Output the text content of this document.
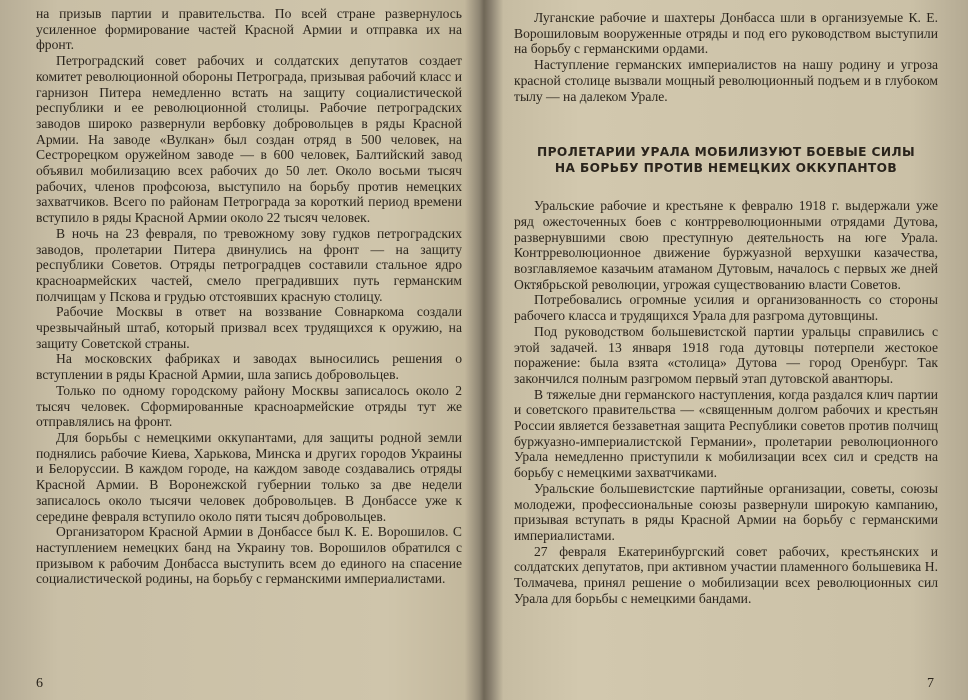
на призыв партии и правительства. По всей стране развернулось усиленное формирование частей Красной Армии и отправка их на фронт.

Петроградский совет рабочих и солдатских депутатов создает комитет революционной обороны Петрограда, призывая рабочий класс и гарнизон Питера немедленно встать на защиту социалистической республики и ее революционной столицы. Рабочие петроградских заводов широко развернули вербовку добровольцев в ряды Красной Армии. На заводе «Вулкан» был создан отряд в 500 человек, на Сестрорецком оружейном заводе — в 600 человек, Балтийский завод объявил мобилизацию всех рабочих до 50 лет. Около восьми тысяч рабочих, членов профсоюза, выступило на борьбу против немецких захватчиков. Всего по районам Петрограда за короткий период времени вступило в ряды Красной Армии около 22 тысяч человек.

В ночь на 23 февраля, по тревожному зову гудков петроградских заводов, пролетарии Питера двинулись на фронт — на защиту республики Советов. Отряды петроградцев составили стальное ядро красноармейских частей, смело преградивших путь германским полчищам у Пскова и грудью отстоявших красную столицу.

Рабочие Москвы в ответ на воззвание Совнаркома создали чрезвычайный штаб, который призвал всех трудящихся к оружию, на защиту Советской страны.

На московских фабриках и заводах выносились решения о вступлении в ряды Красной Армии, шла запись добровольцев.

Только по одному городскому району Москвы записалось около 2 тысяч человек. Сформированные красноармейские отряды тут же отправлялись на фронт.

Для борьбы с немецкими оккупантами, для защиты родной земли поднялись рабочие Киева, Харькова, Минска и других городов Украины и Белоруссии. В каждом городе, на каждом заводе создавались отряды Красной Армии. В Воронежской губернии только за две недели записалось около тысячи человек добровольцев. В Донбассе уже к середине февраля вступило около пяти тысяч добровольцев.

Организатором Красной Армии в Донбассе был К. Е. Ворошилов. С наступлением немецких банд на Украину тов. Ворошилов обратился с призывом к рабочим Донбасса выступить всем до единого на спасение социалистической родины, на борьбу с германскими империалистами.

6

Луганские рабочие и шахтеры Донбасса шли в организуемые К. Е. Ворошиловым вооруженные отряды и под его руководством выступили на борьбу с германскими ордами.

Наступление германских империалистов на нашу родину и угроза красной столице вызвали мощный революционный подъем и в глубоком тылу — на далеком Урале.

ПРОЛЕТАРИИ УРАЛА МОБИЛИЗУЮТ БОЕВЫЕ СИЛЫ
НА БОРЬБУ ПРОТИВ НЕМЕЦКИХ ОККУПАНТОВ

Уральские рабочие и крестьяне к февралю 1918 г. выдержали уже ряд ожесточенных боев с контрреволюционными отрядами Дутова, развернувшими свою преступную деятельность на юге Урала. Контрреволюционное движение буржуазной верхушки казачества, возглавляемое казачьим атаманом Дутовым, началось с первых же дней Октябрьской революции, угрожая существованию власти Советов.

Потребовались огромные усилия и организованность со стороны рабочего класса и трудящихся Урала для разгрома дутовщины.

Под руководством большевистской партии уральцы справились с этой задачей. 13 января 1918 года дутовцы потерпели жестокое поражение: была взята «столица» Дутова — город Оренбург. Так закончился полным разгромом первый этап дутовской авантюры.

В тяжелые дни германского наступления, когда раздался клич партии и советского правительства — «священным долгом рабочих и крестьян России является беззаветная защита Республики советов против полчищ буржуазно-империалистской Германии», пролетарии революционного Урала немедленно приступили к мобилизации всех сил и средств на борьбу с немецкими захватчиками.

Уральские большевистские партийные организации, советы, союзы молодежи, профессиональные союзы развернули широкую кампанию, призывая вступать в ряды Красной Армии на борьбу с германскими империалистами.

27 февраля Екатеринбургский совет рабочих, крестьянских и солдатских депутатов, при активном участии пламенного большевика Н. Толмачева, принял решение о мобилизации всех революционных сил Урала для борьбы с немецкими бандами.

7
